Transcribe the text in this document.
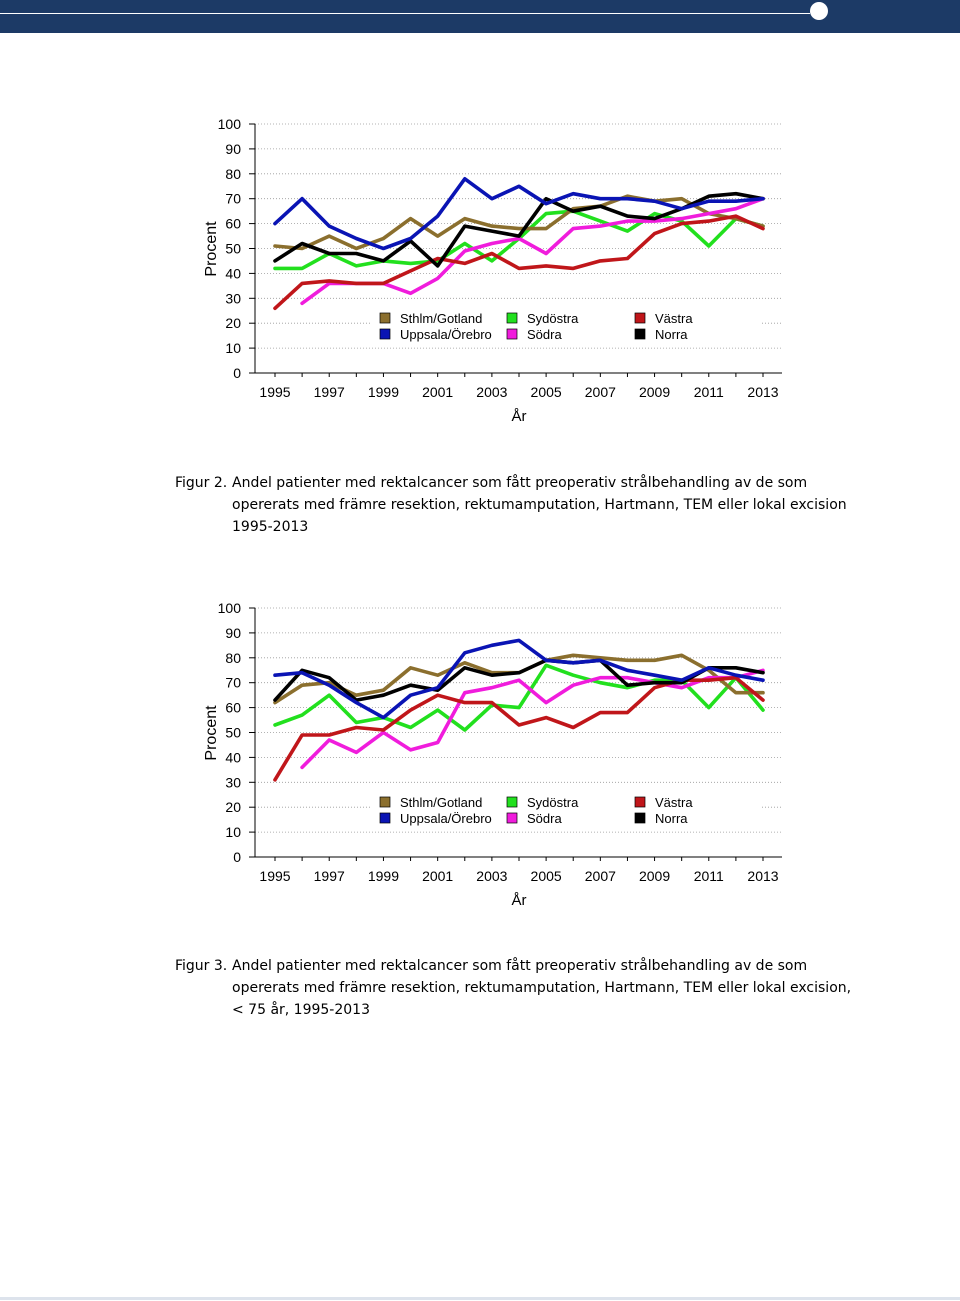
0
10
20
30
40
50
60
70
80
90
100
1995 1997 1999 2001 2003 2005 2007 2009 2011 2013
År
Procent
Sthlm/Gotland
Uppsala/Örebro
Sydöstra
Södra
Västra
Norra
Figur 2. Andel patienter med rektalcancer som fått preoperativ strålbehandling av de som opererats med främre resektion, rektumamputation, Hartmann, TEM eller lokal excision 1995-2013
0
10
20
30
40
50
60
70
80
90
100
1995 1997 1999 2001 2003 2005 2007 2009 2011 2013
År
Procent
Sthlm/Gotland
Uppsala/Örebro
Sydöstra
Södra
Västra
Norra
Figur 3. Andel patienter med rektalcancer som fått preoperativ strålbehandling av de som opererats med främre resektion, rektumamputation, Hartmann, TEM eller lokal excision, < 75 år, 1995-2013
